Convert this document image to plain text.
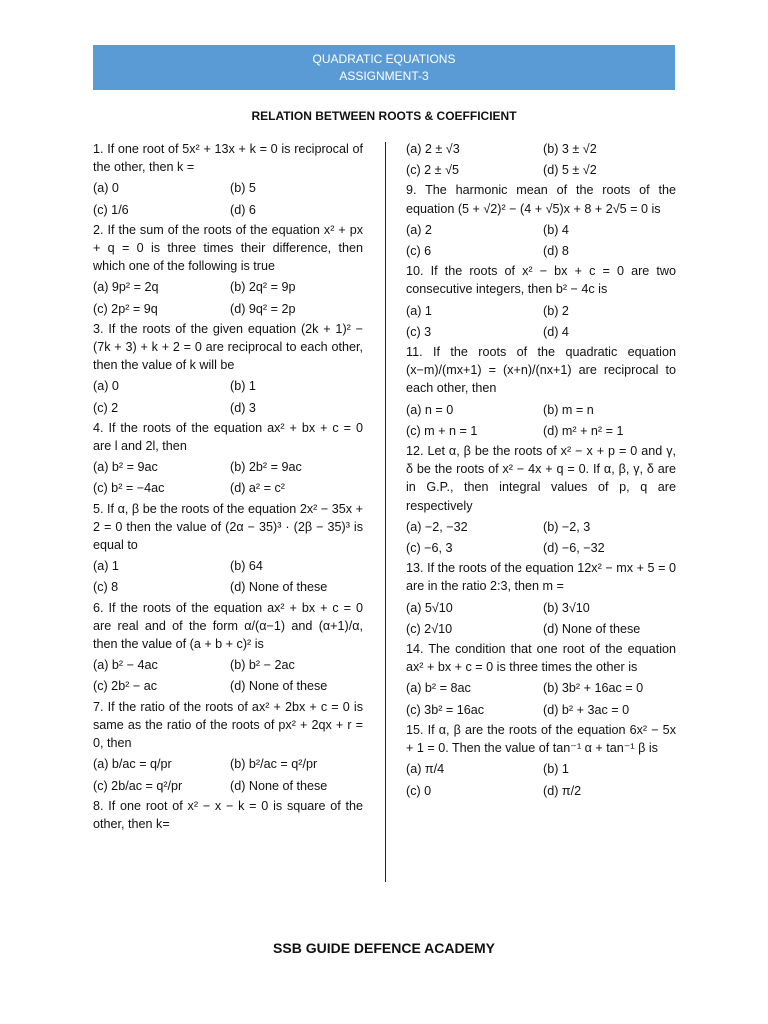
QUADRATIC EQUATIONS
ASSIGNMENT-3
RELATION BETWEEN ROOTS & COEFFICIENT
1. If one root of 5x² + 13x + k = 0 is reciprocal of the other, then k =
(a) 0	(b) 5
(c) 1/6	(d) 6
2. If the sum of the roots of the equation x² + px + q = 0 is three times their difference, then which one of the following is true
(a) 9p² = 2q	(b) 2q² = 9p
(c) 2p² = 9q	(d) 9q² = 2p
3. If the roots of the given equation (2k + 1)² − (7k + 3) + k + 2 = 0 are reciprocal to each other, then the value of k will be
(a) 0	(b) 1
(c) 2	(d) 3
4. If the roots of the equation ax² + bx + c = 0 are l and 2l, then
(a) b² = 9ac	(b) 2b² = 9ac
(c) b² = −4ac	(d) a² = c²
5. If α, β be the roots of the equation 2x² − 35x + 2 = 0 then the value of (2α − 35)³ · (2β − 35)³ is equal to
(a) 1	(b) 64
(c) 8	(d) None of these
6. If the roots of the equation ax² + bx + c = 0 are real and of the form α/(α−1) and (α+1)/α, then the value of (a + b + c)² is
(a) b² − 4ac	(b) b² − 2ac
(c) 2b² − ac	(d) None of these
7. If the ratio of the roots of ax² + 2bx + c = 0 is same as the ratio of the roots of px² + 2qx + r = 0, then
(a) b/ac = q/pr	(b) b²/ac = q²/pr
(c) 2b/ac = q²/pr	(d) None of these
8. If one root of x² − x − k = 0 is square of the other, then k=
(a) 2 ± √3	(b) 3 ± √2
(c) 2 ± √5	(d) 5 ± √2
9. The harmonic mean of the roots of the equation (5 + √2)² − (4 + √5)x + 8 + 2√5 = 0 is
(a) 2	(b) 4
(c) 6	(d) 8
10. If the roots of x² − bx + c = 0 are two consecutive integers, then b² − 4c is
(a) 1	(b) 2
(c) 3	(d) 4
11. If the roots of the quadratic equation (x−m)/(mx+1) = (x+n)/(nx+1) are reciprocal to each other, then
(a) n = 0	(b) m = n
(c) m + n = 1	(d) m² + n² = 1
12. Let α, β be the roots of x² − x + p = 0 and γ, δ be the roots of x² − 4x + q = 0. If α, β, γ, δ are in G.P., then integral values of p, q are respectively
(a) −2, −32	(b) −2, 3
(c) −6, 3	(d) −6, −32
13. If the roots of the equation 12x² − mx + 5 = 0 are in the ratio 2:3, then m =
(a) 5√10	(b) 3√10
(c) 2√10	(d) None of these
14. The condition that one root of the equation ax² + bx + c = 0 is three times the other is
(a) b² = 8ac	(b) 3b² + 16ac = 0
(c) 3b² = 16ac	(d) b² + 3ac = 0
15. If α, β are the roots of the equation 6x² − 5x + 1 = 0. Then the value of tan⁻¹ α + tan⁻¹ β is
(a) π/4	(b) 1
(c) 0	(d) π/2
SSB GUIDE DEFENCE ACADEMY
